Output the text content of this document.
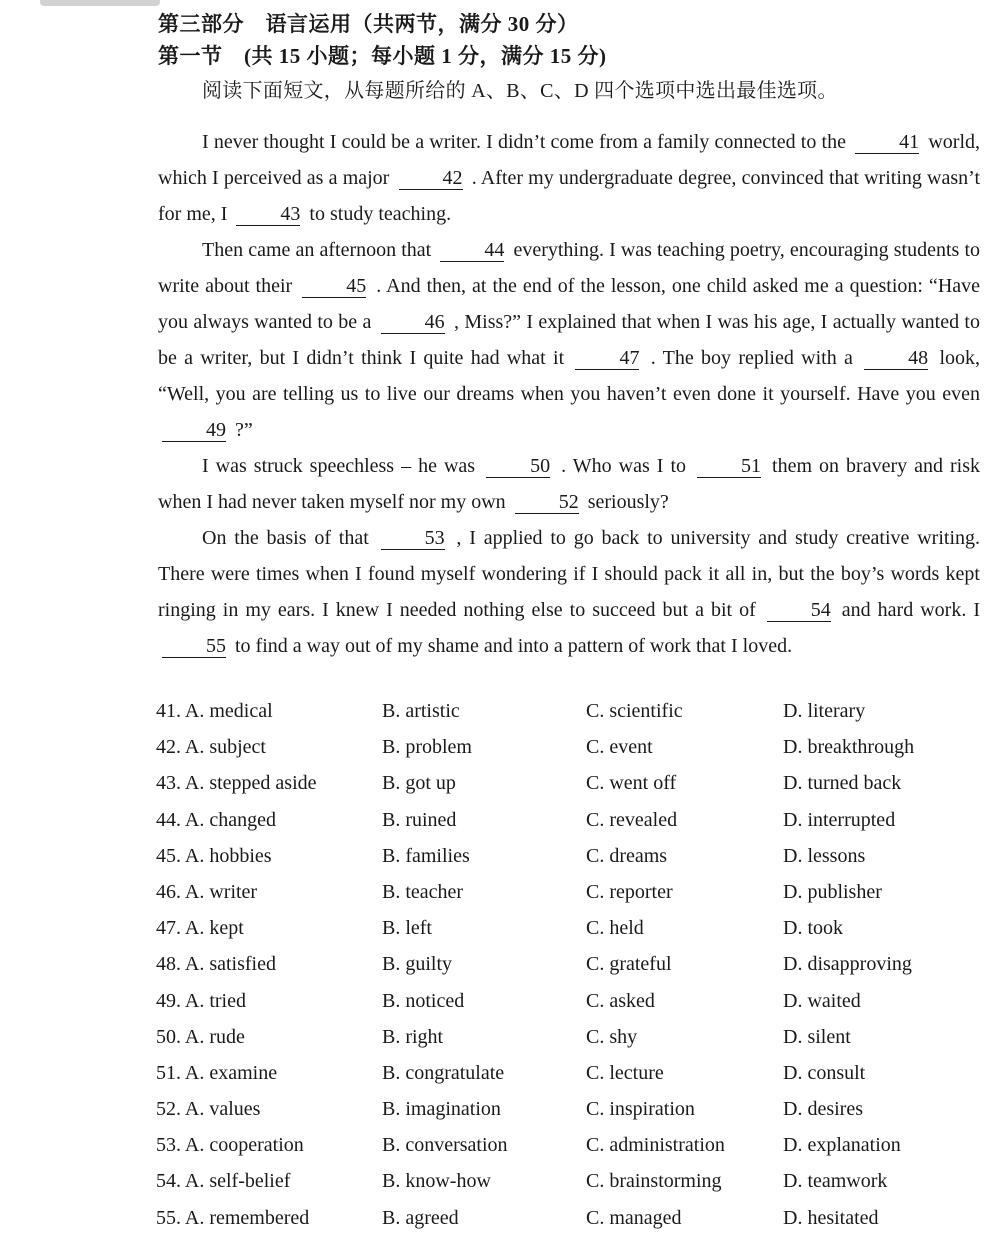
第三部分　语言运用（共两节，满分 30 分）
第一节　(共 15 小题；每小题 1 分，满分 15 分)
阅读下面短文，从每题所给的 A、B、C、D 四个选项中选出最佳选项。

I never thought I could be a writer. I didn’t come from a family connected to the	41 world, which I perceived as a major	42 . After my undergraduate degree, convinced that writing wasn’t for me, I	43 to study teaching.

Then came an afternoon that	44 everything. I was teaching poetry, encouraging students to write about their	45 . And then, at the end of the lesson, one child asked me a question: “Have you always wanted to be a	46 , Miss?” I explained that when I was his age, I actually wanted to be a writer, but I didn’t think I quite had what it	47 . The boy replied with a	48 look, “Well, you are telling us to live our dreams when you haven’t even done it yourself. Have you even 49 ?”

I was struck speechless – he was	50 . Who was I to	51 them on bravery and risk when I had never taken myself nor my own	52 seriously?

On the basis of that	53 , I applied to go back to university and study creative writing. There were times when I found myself wondering if I should pack it all in, but the boy’s words kept ringing in my ears. I knew I needed nothing else to succeed but a bit of	54 and hard work. I 55 to find a way out of my shame and into a pattern of work that I loved.

41. A. medical	B. artistic	C. scientific	D. literary
42. A. subject	B. problem	C. event	D. breakthrough
43. A. stepped aside	B. got up	C. went off	D. turned back
44. A. changed	B. ruined	C. revealed	D. interrupted
45. A. hobbies	B. families	C. dreams	D. lessons
46. A. writer	B. teacher	C. reporter	D. publisher
47. A. kept	B. left	C. held	D. took
48. A. satisfied	B. guilty	C. grateful	D. disapproving
49. A. tried	B. noticed	C. asked	D. waited
50. A. rude	B. right	C. shy	D. silent
51. A. examine	B. congratulate	C. lecture	D. consult
52. A. values	B. imagination	C. inspiration	D. desires
53. A. cooperation	B. conversation	C. administration	D. explanation
54. A. self-belief	B. know-how	C. brainstorming	D. teamwork
55. A. remembered	B. agreed	C. managed	D. hesitated
